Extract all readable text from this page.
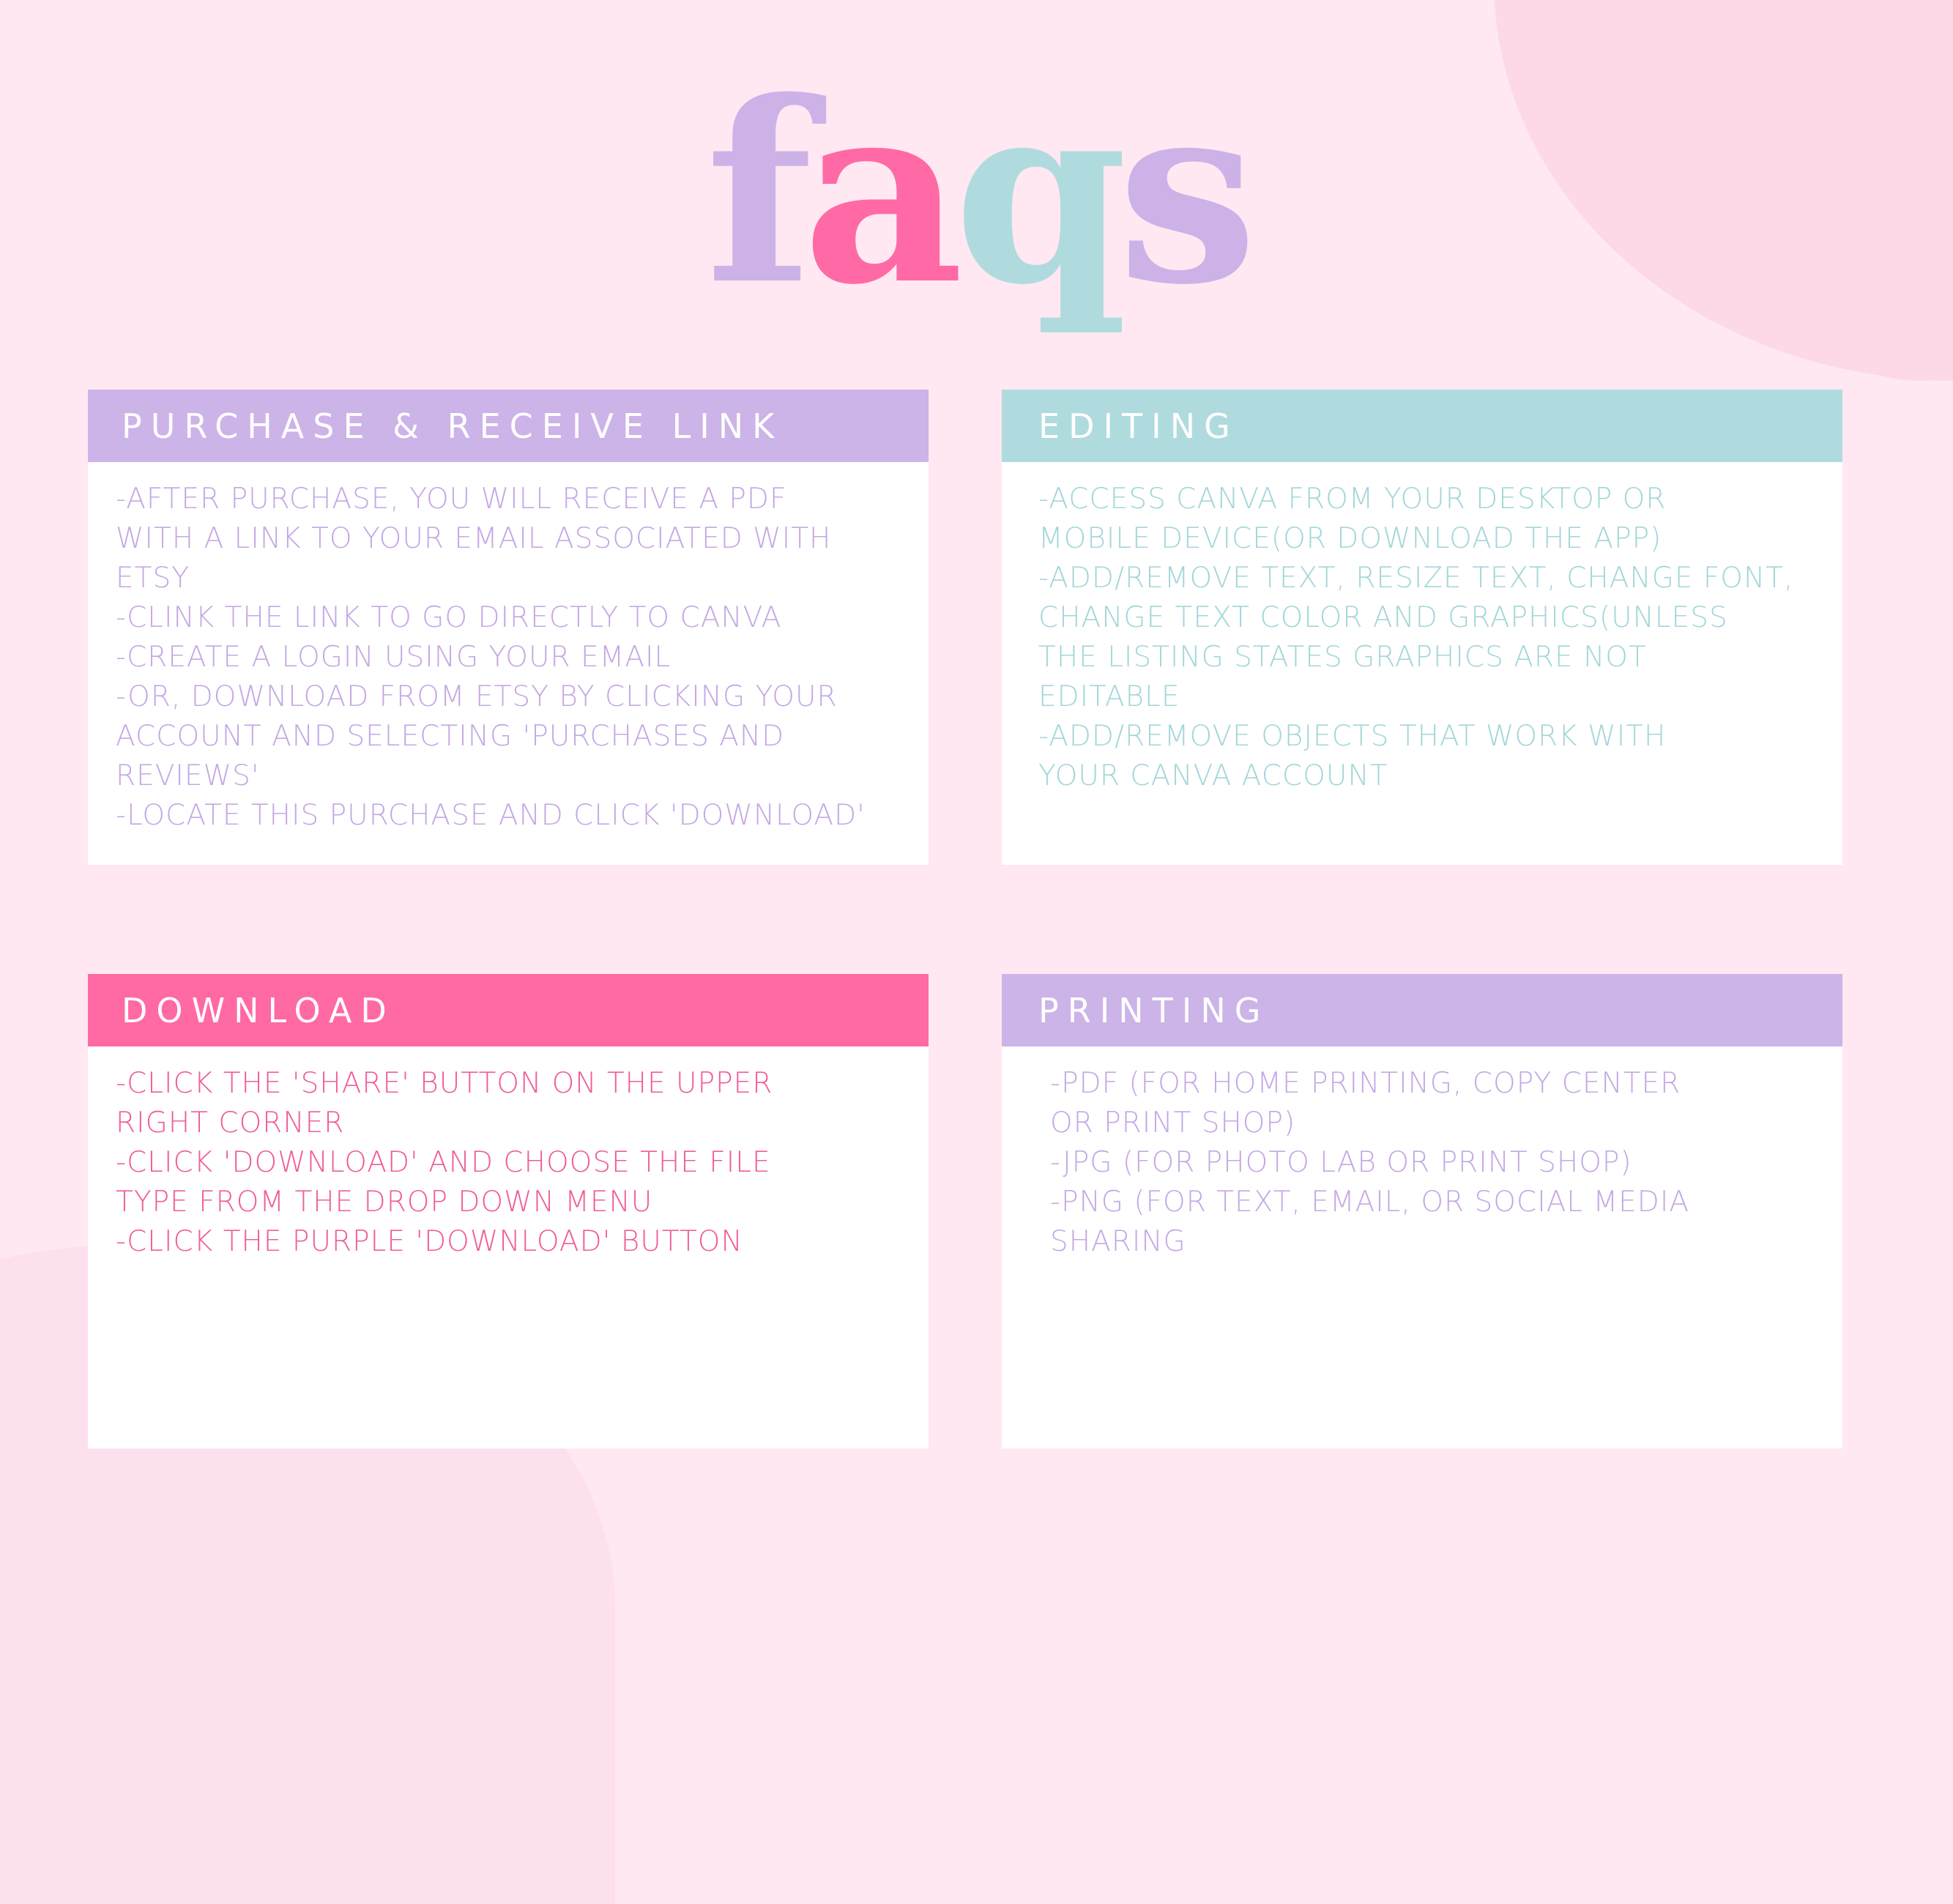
faqs
PURCHASE & RECEIVE LINK
-AFTER PURCHASE, YOU WILL RECEIVE A PDF
WITH A LINK TO YOUR EMAIL ASSOCIATED WITH
ETSY
-CLINK THE LINK TO GO DIRECTLY TO CANVA
-CREATE A LOGIN USING YOUR EMAIL
-OR, DOWNLOAD FROM ETSY BY CLICKING YOUR
ACCOUNT AND SELECTING 'PURCHASES AND
REVIEWS'
-LOCATE THIS PURCHASE AND CLICK 'DOWNLOAD'
EDITING
-ACCESS CANVA FROM YOUR DESKTOP OR
MOBILE DEVICE(OR DOWNLOAD THE APP)
-ADD/REMOVE TEXT, RESIZE TEXT, CHANGE FONT,
CHANGE TEXT COLOR AND GRAPHICS(UNLESS
THE LISTING STATES GRAPHICS ARE NOT
EDITABLE
-ADD/REMOVE OBJECTS THAT WORK WITH
YOUR CANVA ACCOUNT
DOWNLOAD
-CLICK THE 'SHARE' BUTTON ON THE UPPER
RIGHT CORNER
-CLICK 'DOWNLOAD' AND CHOOSE THE FILE
TYPE FROM THE DROP DOWN MENU
-CLICK THE PURPLE 'DOWNLOAD' BUTTON
PRINTING
-PDF (FOR HOME PRINTING, COPY CENTER
OR PRINT SHOP)
-JPG (FOR PHOTO LAB OR PRINT SHOP)
-PNG (FOR TEXT, EMAIL, OR SOCIAL MEDIA
SHARING
